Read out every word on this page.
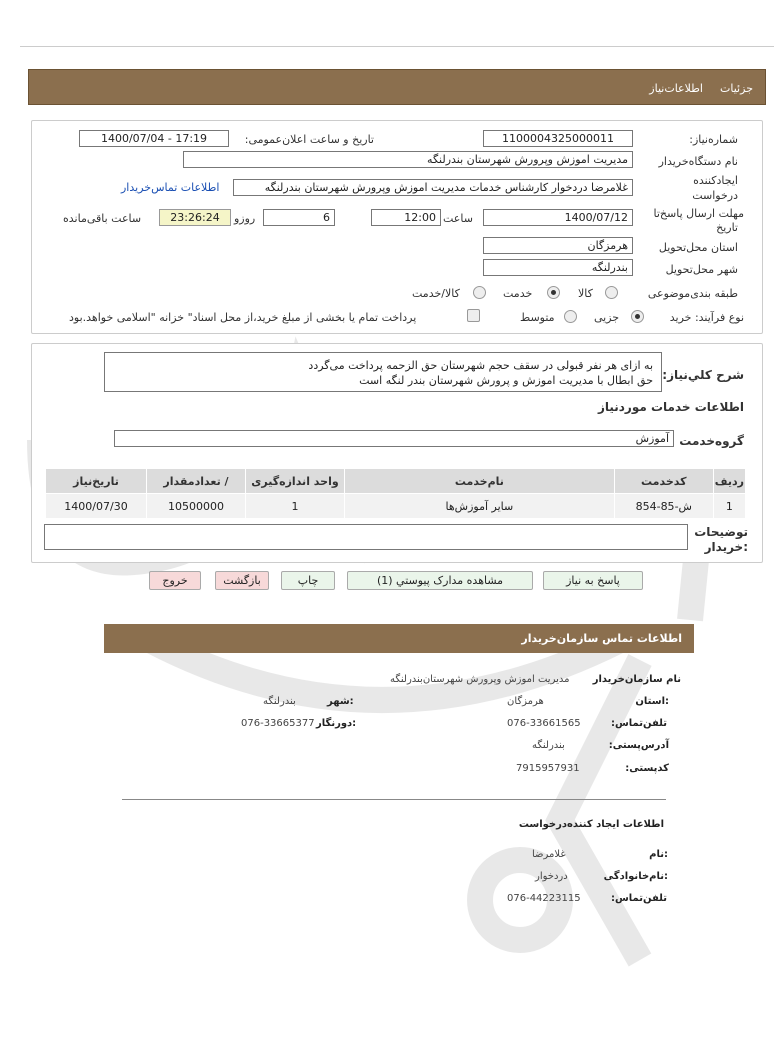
جزئیات
اطلاعات‌نیاز
شماره‌نیاز:
1100004325000011
تاریخ و ساعت اعلان‌عمومی:
1400/07/04 - 17:19
نام دستگاه‌خریدار
مدیریت اموزش وپرورش شهرستان بندرلنگه
ایجادکننده
درخواست
غلامرضا دردخوار کارشناس خدمات مدیریت اموزش وپرورش شهرستان بندرلنگه
اطلاعات تماس‌خریدار
مهلت ارسال پاسخ‌تا
تاریخ
1400/07/12
ساعت
12:00
6
روزو
23:26:24
ساعت باقی‌مانده
استان محل‌تحویل
هرمزگان
شهر محل‌تحویل
بندرلنگه
طبقه بندی‌موضوعی
کالا
خدمت
کالا/خدمت
نوع فرآیند: خرید
جزیی
متوسط
پرداخت تمام یا بخشی از مبلغ خرید،از محل اسناد" خزانه "اسلامی خواهد.بود
شرح كلي‌نياز:
به ازای هر نفر قبولی در سقف حجم شهرستان حق الزحمه پرداخت می‌گردد
حق ابطال با مدیریت اموزش و پرورش شهرستان بندر لنگه است
اطلاعات خدمات موردنیاز
گروه‌خدمت
آموزش
ردیف	کدخدمت	نام‌خدمت	واحد اندازه‌گیری	/ تعدادمقدار	تاریخ‌نیاز
1	ش-85-854	سایر آموزش‌ها	1	10500000	1400/07/30
توضیحات
:خریدار
پاسخ به نیاز
مشاهده مدارک پیوستي (1)
چاپ
بازگشت
خروج
اطلاعات تماس سازمان‌خریدار
نام سازمان‌خریدار
مدیریت اموزش وپرورش شهرستان‌بندرلنگه
:استان
هرمزگان
:شهر
بندرلنگه
تلفن‌تماس:
076-33661565
:دورنگار
076-33665377
آدرس‌پستی:
بندرلنگه
کدپستی:
7915957931
اطلاعات ایجاد کننده‌درخواست
:نام
غلامرضا
:نام‌خانوادگی
دردخوار
تلفن‌تماس:
076-44223115
